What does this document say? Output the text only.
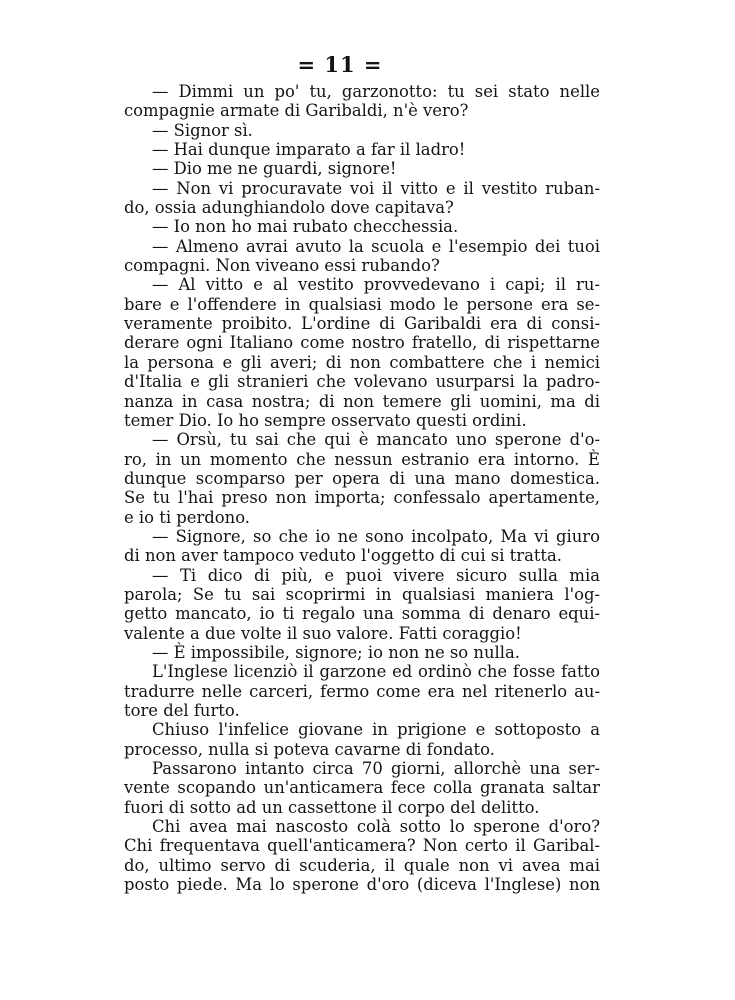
= 11 =
— Dimmi un po' tu, garzonotto: tu sei stato nelle
compagnie armate di Garibaldi, n'è vero?
— Signor sì.
— Hai dunque imparato a far il ladro!
— Dio me ne guardi, signore!
— Non vi procuravate voi il vitto e il vestito ruban-
do, ossia adunghiandolo dove capitava?
— Io non ho mai rubato checchessia.
— Almeno avrai avuto la scuola e l'esempio dei tuoi
compagni. Non viveano essi rubando?
— Al vitto e al vestito provvedevano i capi; il ru-
bare e l'offendere in qualsiasi modo le persone era se-
veramente proibito. L'ordine di Garibaldi era di consi-
derare ogni Italiano come nostro fratello, di rispettarne
la persona e gli averi; di non combattere che i nemici
d'Italia e gli stranieri che volevano usurparsi la padro-
nanza in casa nostra; di non temere gli uomini, ma di
temer Dio. Io ho sempre osservato questi ordini.
— Orsù, tu sai che qui è mancato uno sperone d'o-
ro, in un momento che nessun estranio era intorno. È
dunque scomparso per opera di una mano domestica.
Se tu l'hai preso non importa; confessalo apertamente,
e io ti perdono.
— Signore, so che io ne sono incolpato, Ma vi giuro
di non aver tampoco veduto l'oggetto di cui si tratta.
— Ti dico di più, e puoi vivere sicuro sulla mia
parola; Se tu sai scoprirmi in qualsiasi maniera l'og-
getto mancato, io ti regalo una somma di denaro equi-
valente a due volte il suo valore. Fatti coraggio!
— È impossibile, signore; io non ne so nulla.
L'Inglese licenziò il garzone ed ordinò che fosse fatto
tradurre nelle carceri, fermo come era nel ritenerlo au-
tore del furto.
Chiuso l'infelice giovane in prigione e sottoposto a
processo, nulla si poteva cavarne di fondato.
Passarono intanto circa 70 giorni, allorchè una ser-
vente scopando un'anticamera fece colla granata saltar
fuori di sotto ad un cassettone il corpo del delitto.
Chi avea mai nascosto colà sotto lo sperone d'oro?
Chi frequentava quell'anticamera? Non certo il Garibal-
do, ultimo servo di scuderia, il quale non vi avea mai
posto piede. Ma lo sperone d'oro (diceva l'Inglese) non
